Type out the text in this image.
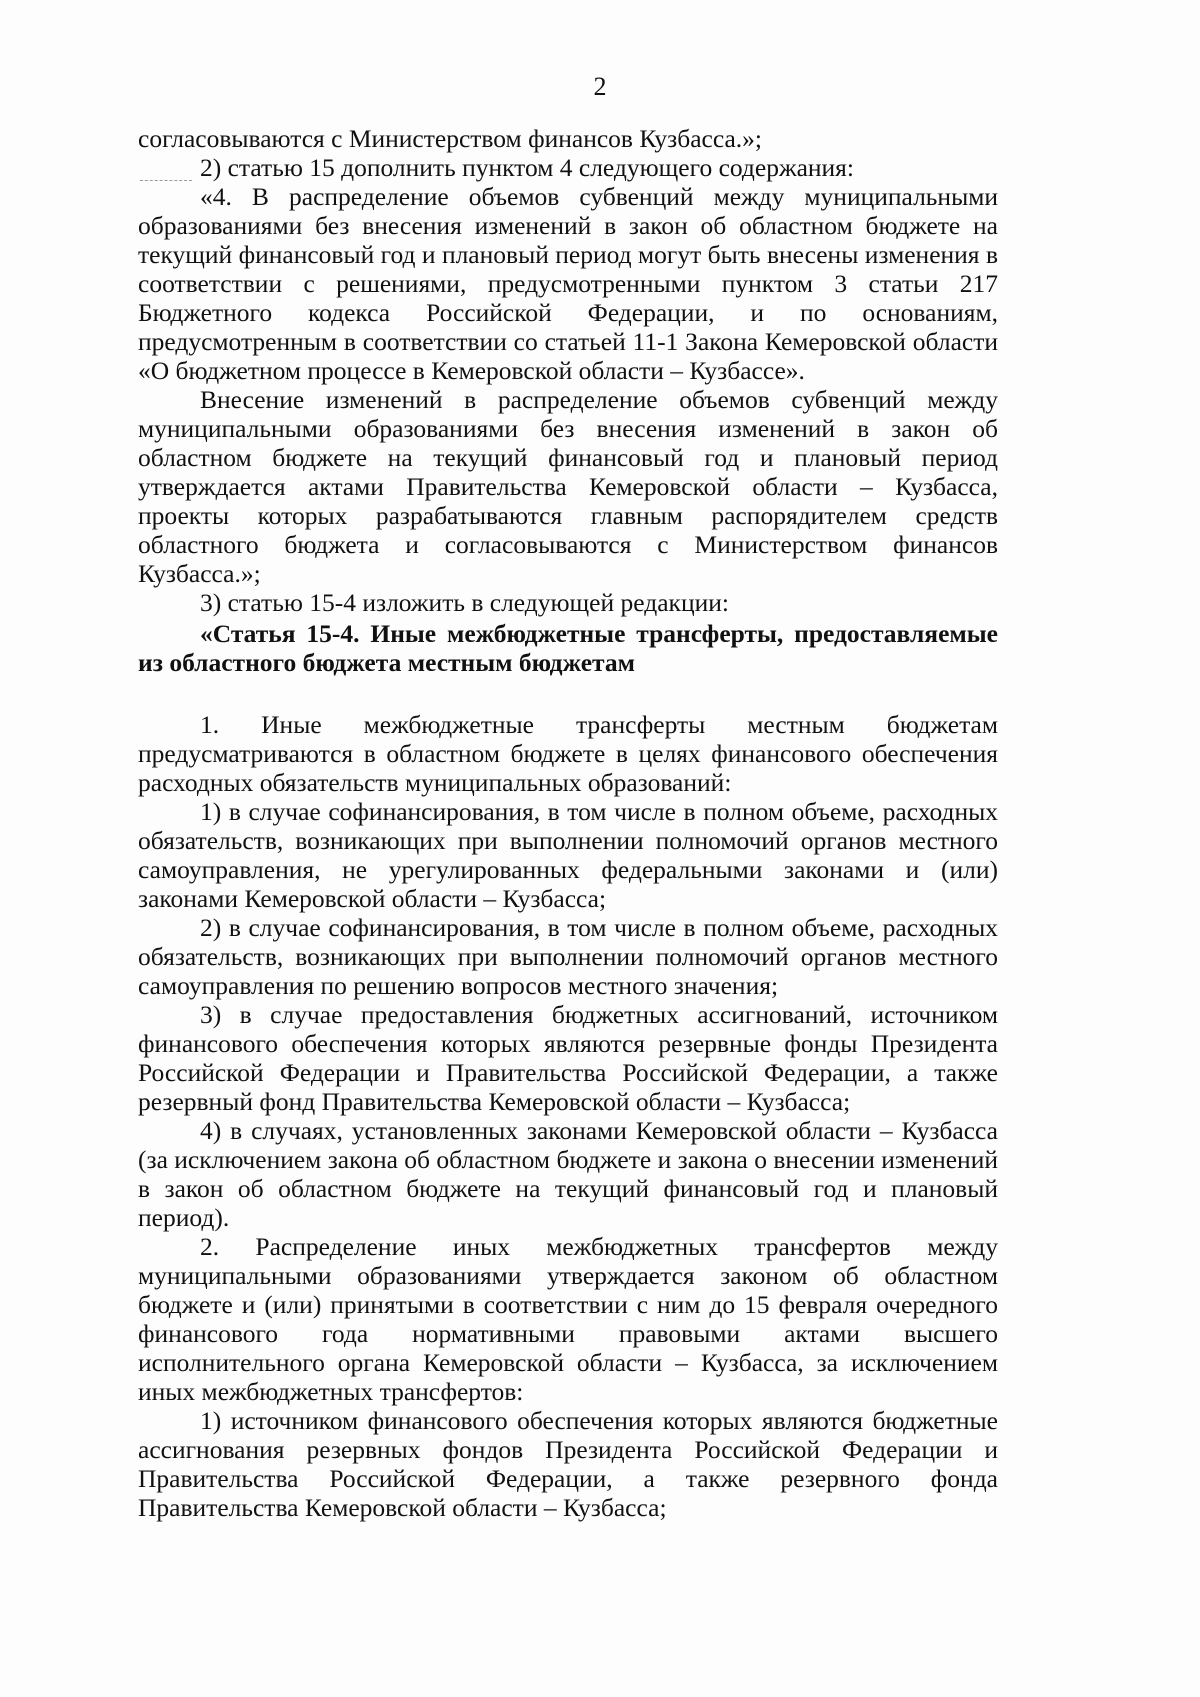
2

согласовываются с Министерством финансов Кузбасса.»;

2) статью 15 дополнить пунктом 4 следующего содержания:

«4. В распределение объемов субвенций между муниципальными образованиями без внесения изменений в закон об областном бюджете на текущий финансовый год и плановый период могут быть внесены изменения в соответствии с решениями, предусмотренными пунктом 3 статьи 217 Бюджетного кодекса Российской Федерации, и по основаниям, предусмотренным в соответствии со статьей 11-1 Закона Кемеровской области «О бюджетном процессе в Кемеровской области – Кузбассе».

Внесение изменений в распределение объемов субвенций между муниципальными образованиями без внесения изменений в закон об областном бюджете на текущий финансовый год и плановый период утверждается актами Правительства Кемеровской области – Кузбасса, проекты которых разрабатываются главным распорядителем средств областного бюджета и согласовываются с Министерством финансов Кузбасса.»;

3) статью 15-4 изложить в следующей редакции:

«Статья 15-4. Иные межбюджетные трансферты, предоставляемые из областного бюджета местным бюджетам

1. Иные межбюджетные трансферты местным бюджетам предусматриваются в областном бюджете в целях финансового обеспечения расходных обязательств муниципальных образований:

1) в случае софинансирования, в том числе в полном объеме, расходных обязательств, возникающих при выполнении полномочий органов местного самоуправления, не урегулированных федеральными законами и (или) законами Кемеровской области – Кузбасса;

2) в случае софинансирования, в том числе в полном объеме, расходных обязательств, возникающих при выполнении полномочий органов местного самоуправления по решению вопросов местного значения;

3) в случае предоставления бюджетных ассигнований, источником финансового обеспечения которых являются резервные фонды Президента Российской Федерации и Правительства Российской Федерации, а также резервный фонд Правительства Кемеровской области – Кузбасса;

4) в случаях, установленных законами Кемеровской области – Кузбасса (за исключением закона об областном бюджете и закона о внесении изменений в закон об областном бюджете на текущий финансовый год и плановый период).

2. Распределение иных межбюджетных трансфертов между муниципальными образованиями утверждается законом об областном бюджете и (или) принятыми в соответствии с ним до 15 февраля очередного финансового года нормативными правовыми актами высшего исполнительного органа Кемеровской области – Кузбасса, за исключением иных межбюджетных трансфертов:

1) источником финансового обеспечения которых являются бюджетные ассигнования резервных фондов Президента Российской Федерации и Правительства Российской Федерации, а также резервного фонда Правительства Кемеровской области – Кузбасса;
